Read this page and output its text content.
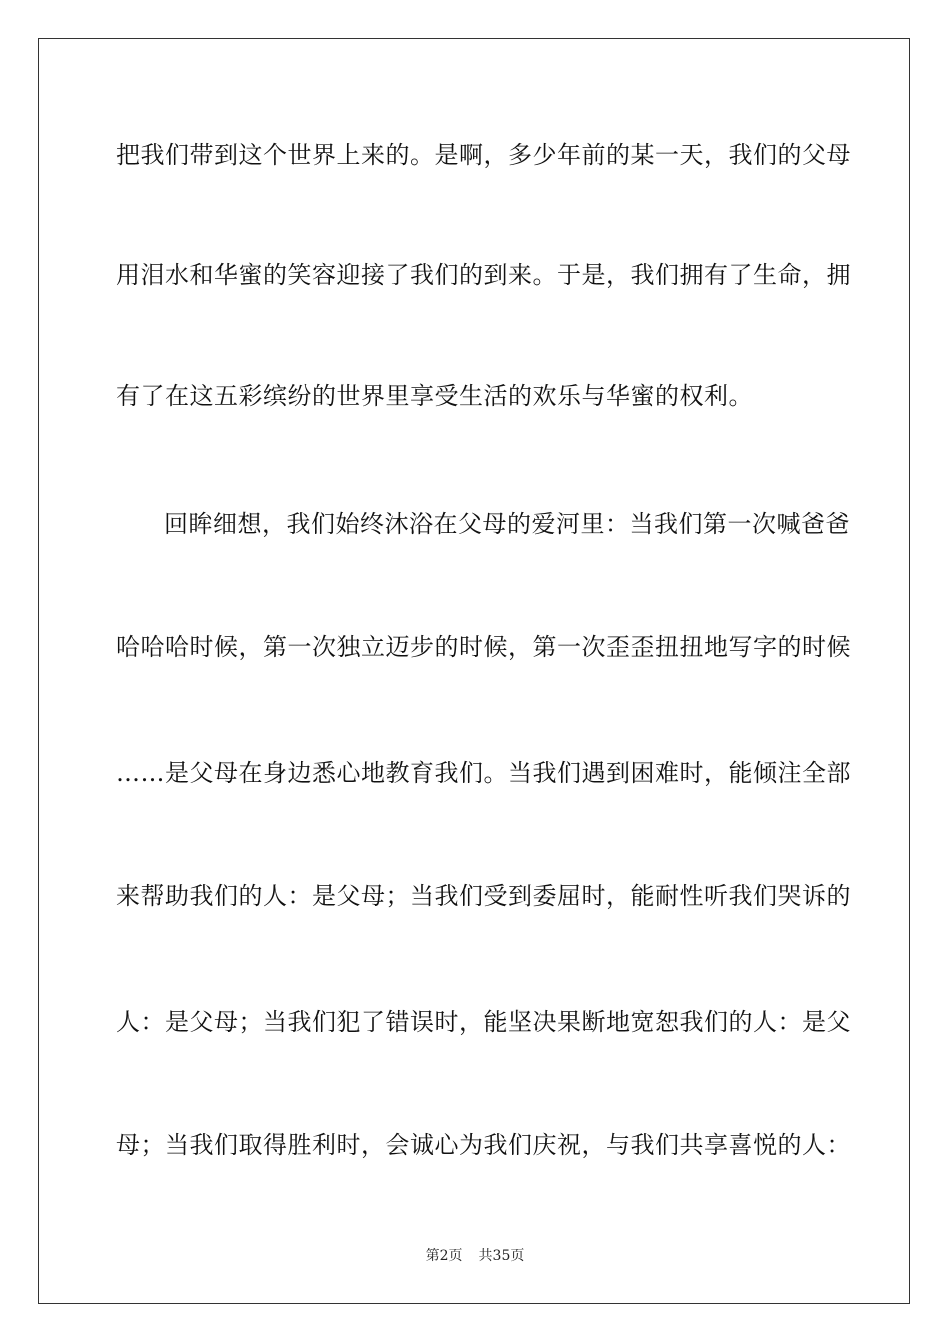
把我们带到这个世界上来的。是啊，多少年前的某一天，我们的父母
用泪水和华蜜的笑容迎接了我们的到来。于是，我们拥有了生命，拥
有了在这五彩缤纷的世界里享受生活的欢乐与华蜜的权利。
回眸细想，我们始终沐浴在父母的爱河里：当我们第一次喊爸爸
哈哈哈时候，第一次独立迈步的时候，第一次歪歪扭扭地写字的时候
……是父母在身边悉心地教育我们。当我们遇到困难时，能倾注全部
来帮助我们的人：是父母；当我们受到委屈时，能耐性听我们哭诉的
人：是父母；当我们犯了错误时，能坚决果断地宽恕我们的人：是父
母；当我们取得胜利时，会诚心为我们庆祝，与我们共享喜悦的人：
第2页 共35页
